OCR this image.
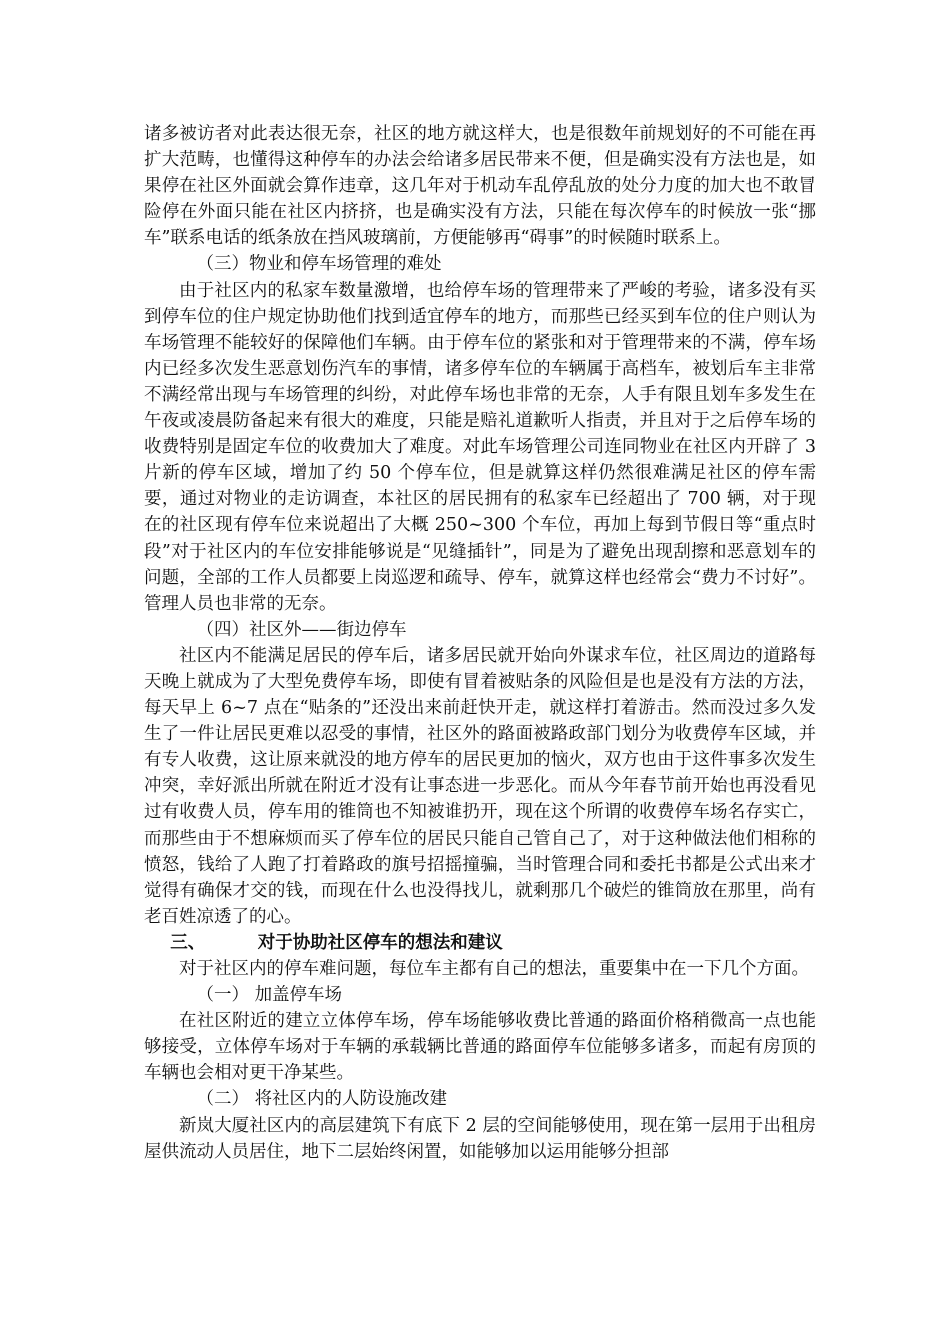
诸多被访者对此表达很无奈，社区的地方就这样大，也是很数年前规划好的不可能在再扩大范畴，也懂得这种停车的办法会给诸多居民带来不便，但是确实没有方法也是，如果停在社区外面就会算作违章，这几年对于机动车乱停乱放的处分力度的加大也不敢冒险停在外面只能在社区内挤挤，也是确实没有方法，只能在每次停车的时候放一张“挪车”联系电话的纸条放在挡风玻璃前，方便能够再“碍事”的时候随时联系上。

（三）物业和停车场管理的难处

由于社区内的私家车数量激增，也给停车场的管理带来了严峻的考验，诸多没有买到停车位的住户规定协助他们找到适宜停车的地方，而那些已经买到车位的住户则认为车场管理不能较好的保障他们车辆。由于停车位的紧张和对于管理带来的不满，停车场内已经多次发生恶意划伤汽车的事情，诸多停车位的车辆属于高档车，被划后车主非常不满经常出现与车场管理的纠纷，对此停车场也非常的无奈，人手有限且划车多发生在午夜或凌晨防备起来有很大的难度，只能是赔礼道歉听人指责，并且对于之后停车场的收费特别是固定车位的收费加大了难度。对此车场管理公司连同物业在社区内开辟了 3 片新的停车区域，增加了约 50 个停车位，但是就算这样仍然很难满足社区的停车需要，通过对物业的走访调查，本社区的居民拥有的私家车已经超出了 700 辆，对于现在的社区现有停车位来说超出了大概 250~300 个车位，再加上每到节假日等“重点时段”对于社区内的车位安排能够说是“见缝插针”，同是为了避免出现刮擦和恶意划车的问题，全部的工作人员都要上岗巡逻和疏导、停车，就算这样也经常会“费力不讨好”。管理人员也非常的无奈。

（四）社区外——街边停车

社区内不能满足居民的停车后，诸多居民就开始向外谋求车位，社区周边的道路每天晚上就成为了大型免费停车场，即使有冒着被贴条的风险但是也是没有方法的方法，每天早上 6~7 点在“贴条的”还没出来前赶快开走，就这样打着游击。然而没过多久发生了一件让居民更难以忍受的事情，社区外的路面被路政部门划分为收费停车区域，并有专人收费，这让原来就没的地方停车的居民更加的恼火，双方也由于这件事多次发生冲突，幸好派出所就在附近才没有让事态进一步恶化。而从今年春节前开始也再没看见过有收费人员，停车用的锥筒也不知被谁扔开，现在这个所谓的收费停车场名存实亡，而那些由于不想麻烦而买了停车位的居民只能自己管自己了，对于这种做法他们相称的愤怒，钱给了人跑了打着路政的旗号招摇撞骗，当时管理合同和委托书都是公式出来才觉得有确保才交的钱，而现在什么也没得找儿，就剩那几个破烂的锥筒放在那里，尚有老百姓凉透了的心。

三、	对于协助社区停车的想法和建议

对于社区内的停车难问题，每位车主都有自己的想法，重要集中在一下几个方面。

（一） 加盖停车场

在社区附近的建立立体停车场，停车场能够收费比普通的路面价格稍微高一点也能够接受，立体停车场对于车辆的承载辆比普通的路面停车位能够多诸多，而起有房顶的车辆也会相对更干净某些。

（二） 将社区内的人防设施改建

新岚大厦社区内的高层建筑下有底下 2 层的空间能够使用，现在第一层用于出租房屋供流动人员居住，地下二层始终闲置，如能够加以运用能够分担部
